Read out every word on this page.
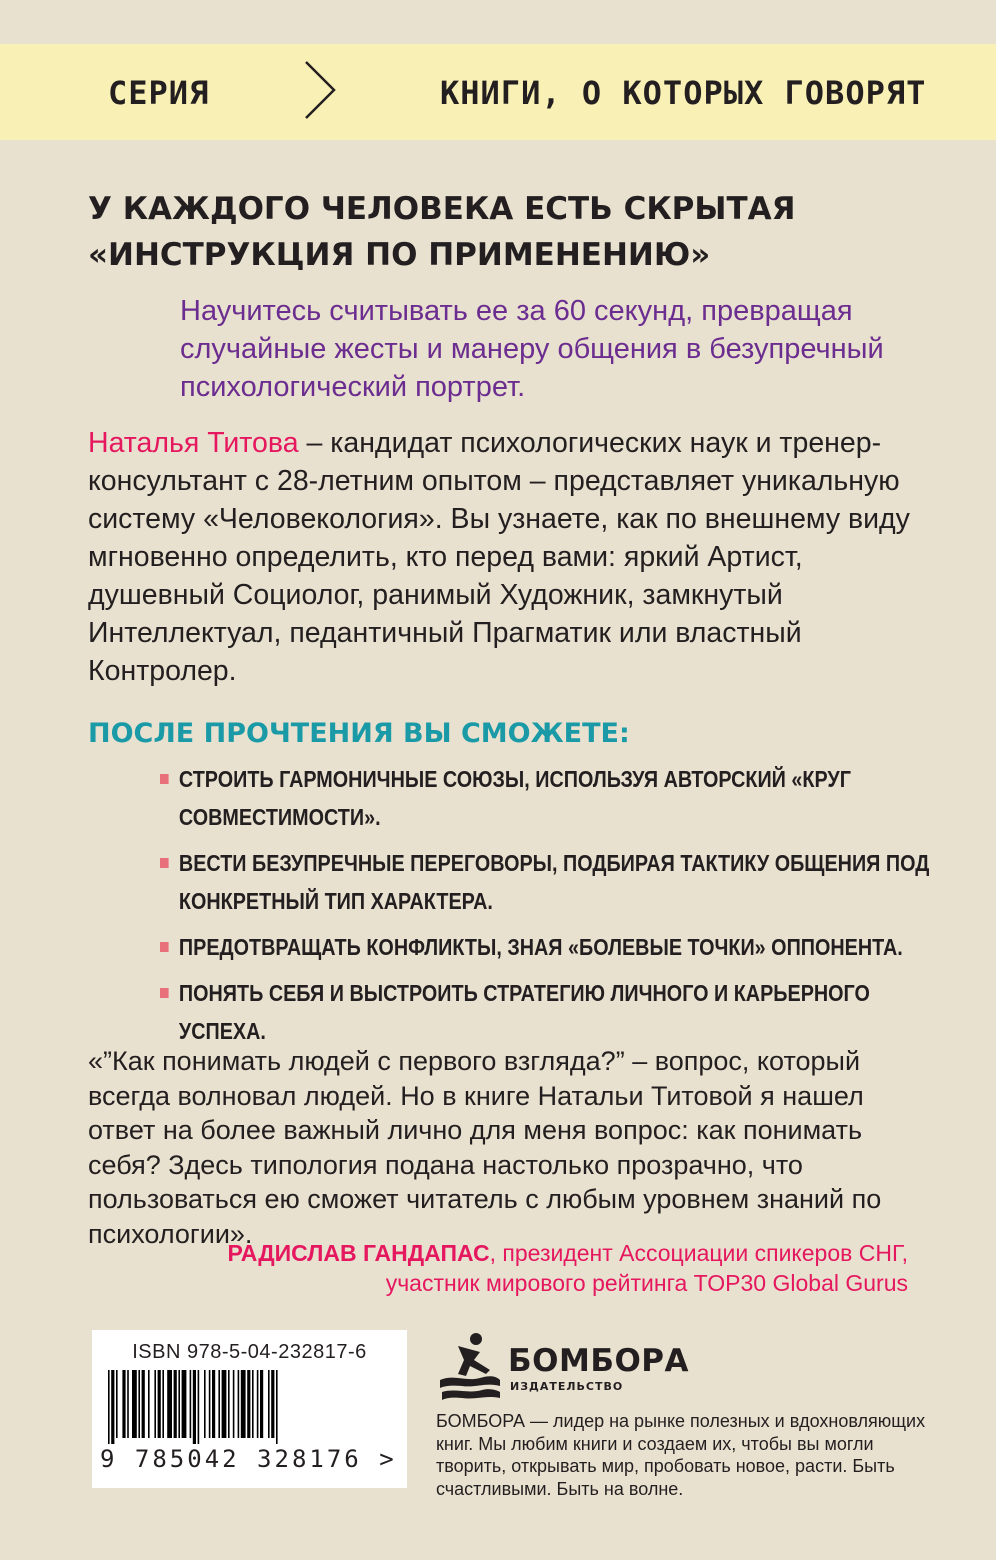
СЕРИЯ	КНИГИ, О КОТОРЫХ ГОВОРЯТ
У КАЖДОГО ЧЕЛОВЕКА ЕСТЬ СКРЫТАЯ
«ИНСТРУКЦИЯ ПО ПРИМЕНЕНИЮ»
Научитесь считывать ее за 60 секунд, превращая случайные жесты и манеру общения в безупречный психологический портрет.
Наталья Титова – кандидат психологических наук и тренер-консультант с 28-летним опытом – представляет уникальную систему «Человекология». Вы узнаете, как по внешнему виду мгновенно определить, кто перед вами: яркий Артист, душевный Социолог, ранимый Художник, замкнутый Интеллектуал, педантичный Прагматик или властный Контролер.
ПОСЛЕ ПРОЧТЕНИЯ ВЫ СМОЖЕТЕ:
СТРОИТЬ ГАРМОНИЧНЫЕ СОЮЗЫ, ИСПОЛЬЗУЯ АВТОРСКИЙ «КРУГ СОВМЕСТИМОСТИ».
ВЕСТИ БЕЗУПРЕЧНЫЕ ПЕРЕГОВОРЫ, ПОДБИРАЯ ТАКТИКУ ОБЩЕНИЯ ПОД КОНКРЕТНЫЙ ТИП ХАРАКТЕРА.
ПРЕДОТВРАЩАТЬ КОНФЛИКТЫ, ЗНАЯ «БОЛЕВЫЕ ТОЧКИ» ОППОНЕНТА.
ПОНЯТЬ СЕБЯ И ВЫСТРОИТЬ СТРАТЕГИЮ ЛИЧНОГО И КАРЬЕРНОГО УСПЕХА.
«”Как понимать людей с первого взгляда?” – вопрос, который всегда волновал людей. Но в книге Натальи Титовой я нашел ответ на более важный лично для меня вопрос: как понимать себя? Здесь типология подана настолько прозрачно, что пользоваться ею сможет читатель с любым уровнем знаний по психологии».
РАДИСЛАВ ГАНДАПАС, президент Ассоциации спикеров СНГ, участник мирового рейтинга TOP30 Global Gurus
ISBN 978-5-04-232817-6
9 785042 328176 >
БОМБОРА
ИЗДАТЕЛЬСТВО
БОМБОРА — лидер на рынке полезных и вдохновляющих книг. Мы любим книги и создаем их, чтобы вы могли творить, открывать мир, пробовать новое, расти. Быть счастливыми. Быть на волне.
